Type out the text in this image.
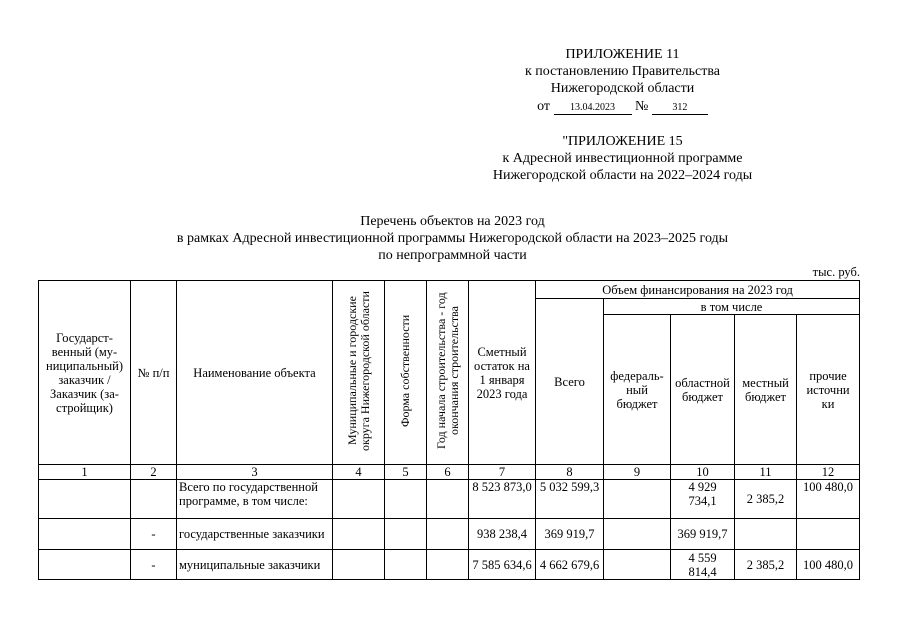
ПРИЛОЖЕНИЕ 11
к постановлению Правительства
Нижегородской области
от 13.04.2023 № 312
"ПРИЛОЖЕНИЕ 15
к Адресной инвестиционной программе
Нижегородской области на 2022–2024 годы
Перечень объектов на 2023 год
в рамках Адресной инвестиционной программы Нижегородской области на 2023–2025 годы
по непрограммной части
тыс. руб.
Государст-венный (му-ниципальный) заказчик / Заказчик (за-стройщик)	№ п/п	Наименование объекта	Муниципальные и городские округа Нижегородской области	Форма собственности	Год начала строительства - год окончания строительства	Сметный остаток на 1 января 2023 года	Объем финансирования на 2023 год				
							Всего	в том числе			
								федераль-ный бюджет	областной бюджет	местный бюджет	прочие источни ки
1	2	3	4	5	6	7	8	9	10	11	12
		Всего по государственной программе, в том числе:				8 523 873,0	5 032 599,3		4 929 734,1	2 385,2	100 480,0
	-	государственные заказчики				938 238,4	369 919,7		369 919,7		
	-	муниципальные заказчики				7 585 634,6	4 662 679,6		4 559 814,4	2 385,2	100 480,0
